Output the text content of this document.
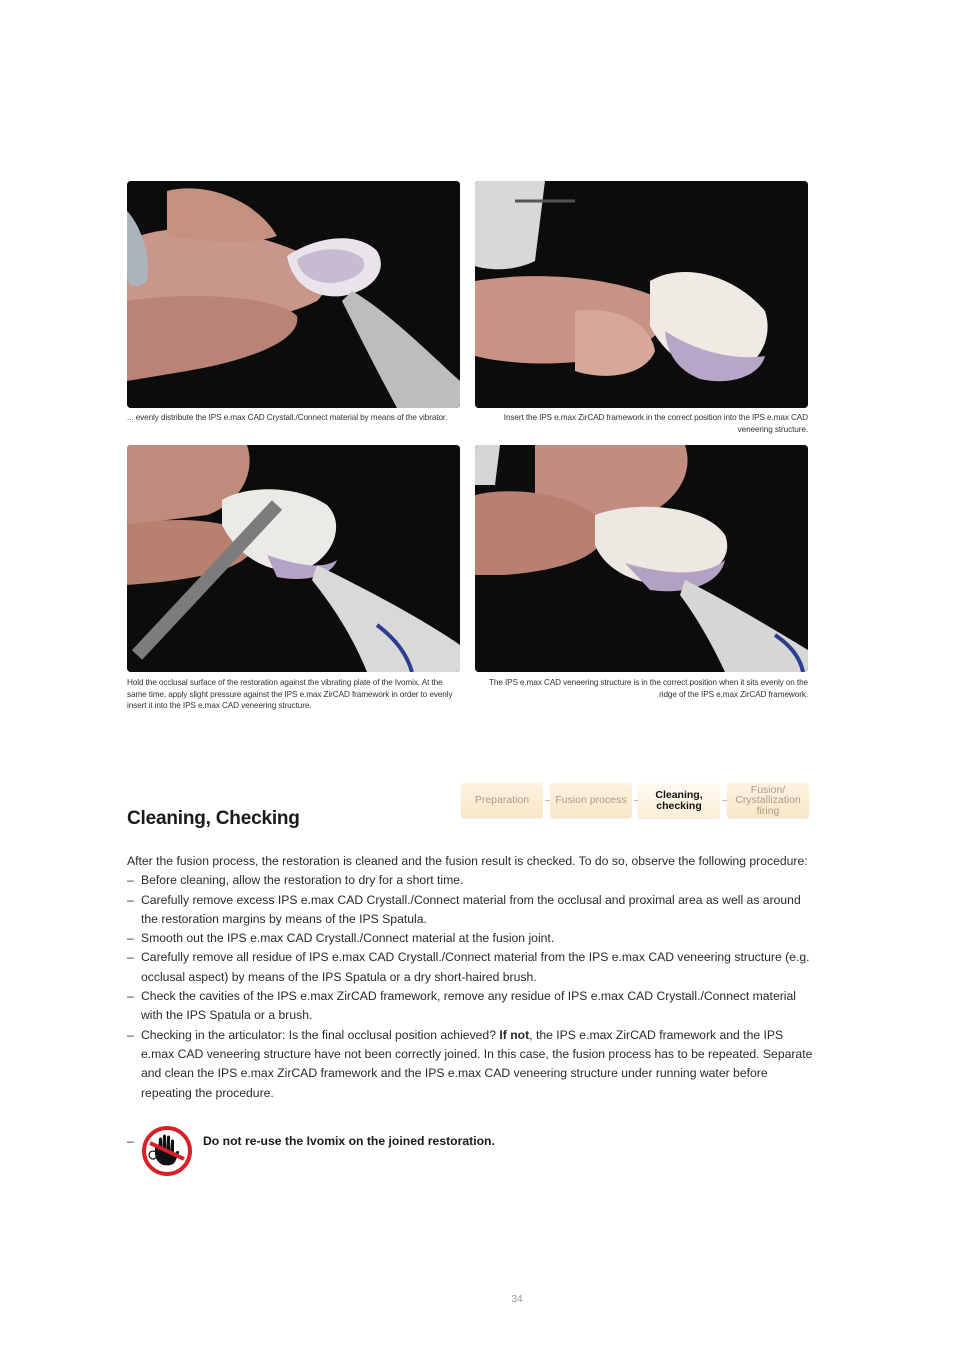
... evenly distribute the IPS e.max CAD Crystall./Connect material by means of the vibrator.	Insert the IPS e.max ZirCAD framework in the correct position into the IPS e.max CAD veneering structure.
Hold the occlusal surface of the restoration against the vibrating plate of the Ivomix. At the same time, apply slight pressure against the IPS e.max ZirCAD framework in order to evenly insert it into the IPS e.max CAD veneering structure.
The IPS e.max CAD veneering structure is in the correct position when it sits evenly on the ridge of the IPS e.max ZirCAD framework.
Preparation	Fusion process	Cleaning, checking
Fusion/ Crystallization firing
Cleaning, Checking

After the fusion process, the restoration is cleaned and the fusion result is checked. To do so, observe the following procedure:

– Before cleaning, allow the restoration to dry for a short time.
– Carefully remove excess IPS e.max CAD Crystall./Connect material from the occlusal and proximal area as well as around the restoration margins by means of the IPS Spatula.
– Smooth out the IPS e.max CAD Crystall./Connect material at the fusion joint.
– Carefully remove all residue of IPS e.max CAD Crystall./Connect material from the IPS e.max CAD veneering structure (e.g. occlusal aspect) by means of the IPS Spatula or a dry short-haired brush.
– Check the cavities of the IPS e.max ZirCAD framework, remove any residue of IPS e.max CAD Crystall./Connect material with the IPS Spatula or a brush.
– Checking in the articulator: Is the final occlusal position achieved? If not, the IPS e.max ZirCAD framework and the IPS e.max CAD veneering structure have not been correctly joined. In this case, the fusion process has to be repeated. Separate and clean the IPS e.max ZirCAD framework and the IPS e.max CAD veneering structure under running water before repeating the procedure.
–	Do not re-use the Ivomix on the joined restoration.
34
